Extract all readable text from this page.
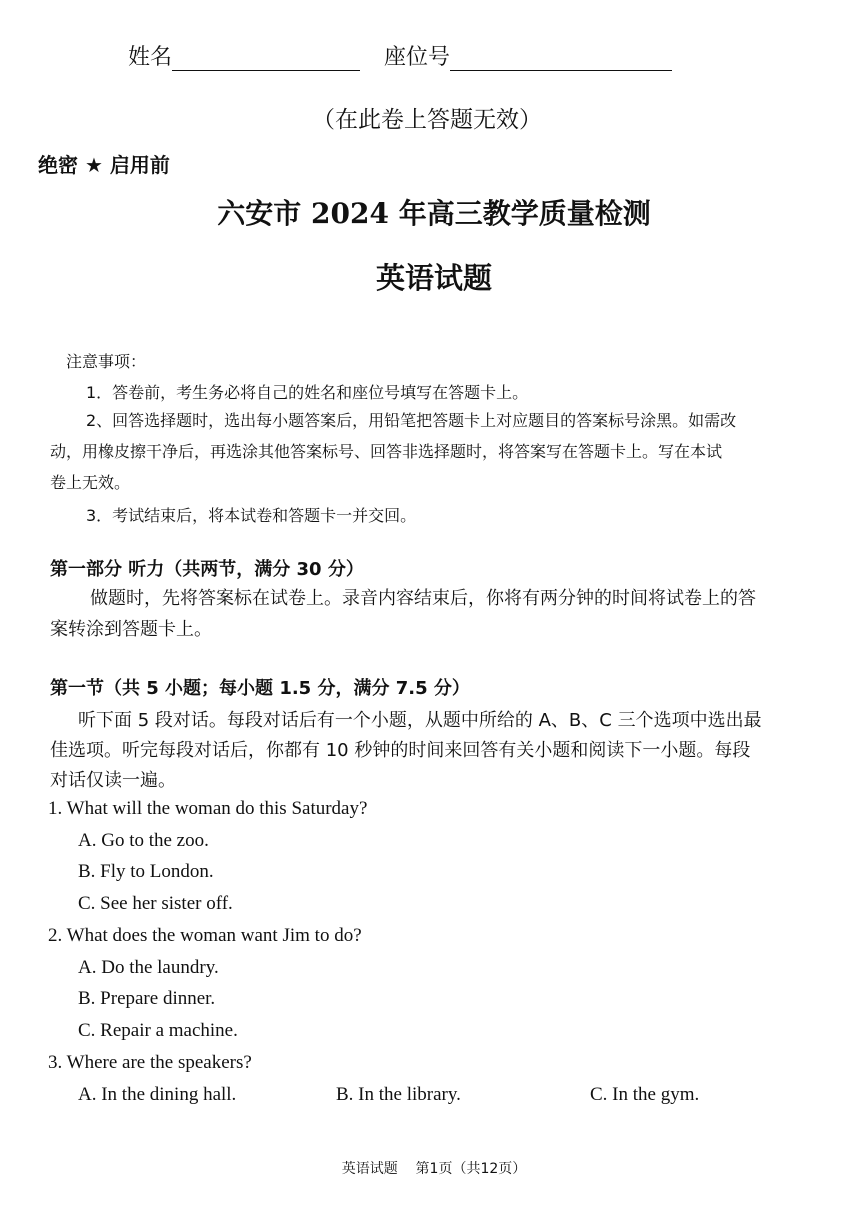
姓名	座位号
（在此卷上答题无效）
绝密 ★ 启用前
六安市 2024 年高三教学质量检测
英语试题
注意事项：
1．答卷前，考生务必将自己的姓名和座位号填写在答题卡上。
2、回答选择题时，选出每小题答案后，用铅笔把答题卡上对应题目的答案标号涂黑。如需改
动，用橡皮擦干净后，再选涂其他答案标号、回答非选择题时，将答案写在答题卡上。写在本试
卷上无效。
3．考试结束后，将本试卷和答题卡一并交回。
第一部分 听力（共两节，满分 30 分）
做题时，先将答案标在试卷上。录音内容结束后，你将有两分钟的时间将试卷上的答
案转涂到答题卡上。
第一节（共 5 小题；每小题 1.5 分，满分 7.5 分）
听下面 5 段对话。每段对话后有一个小题，从题中所给的 A、B、C 三个选项中选出最
佳选项。听完每段对话后，你都有 10 秒钟的时间来回答有关小题和阅读下一小题。每段
对话仅读一遍。
1. What will the woman do this Saturday?
A. Go to the zoo.
B. Fly to London.
C. See her sister off.
2. What does the woman want Jim to do?
A. Do the laundry.
B. Prepare dinner.
C. Repair a machine.
3. Where are the speakers?
A. In the dining hall.	B. In the library.	C. In the gym.
英语试题    第1页（共12页）
